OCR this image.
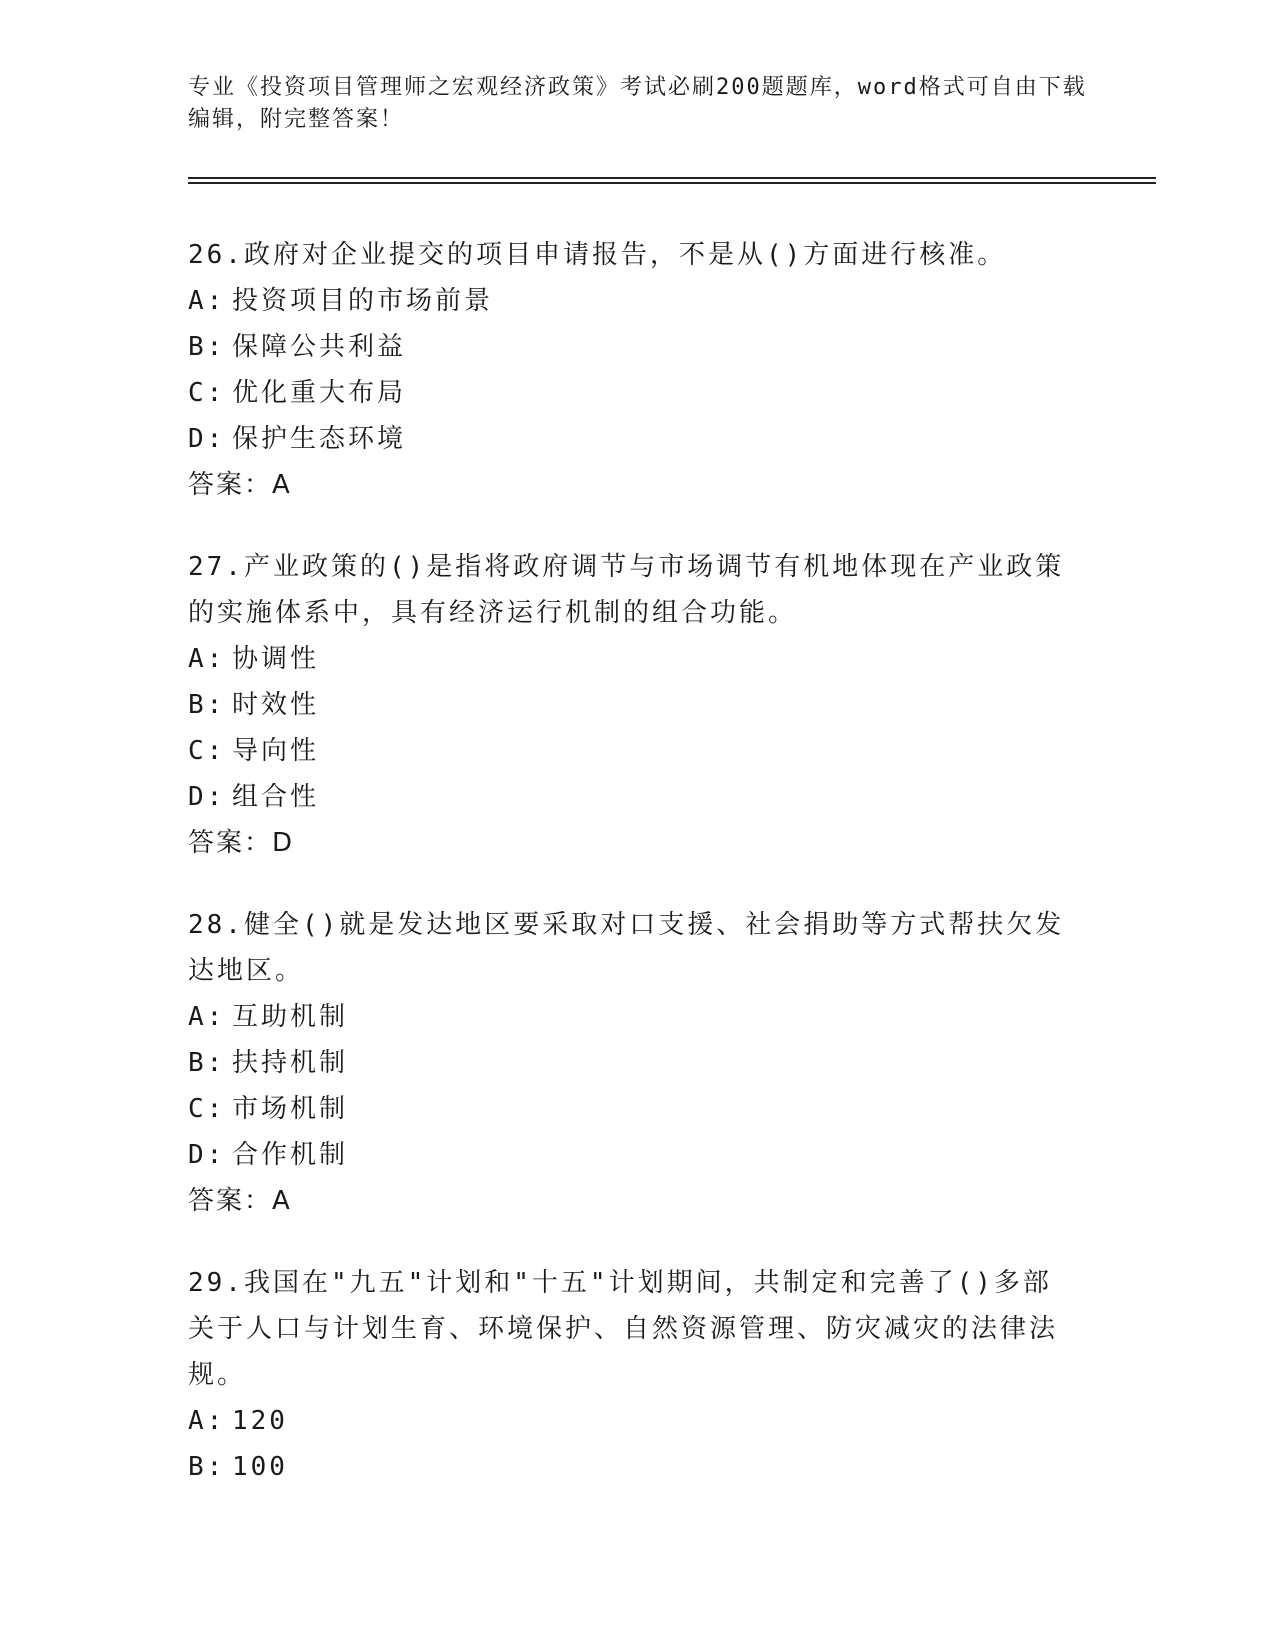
专业《投资项目管理师之宏观经济政策》考试必刷200题题库，word格式可自由下载编辑，附完整答案！

26.政府对企业提交的项目申请报告，不是从()方面进行核准。

A: 投资项目的市场前景

B: 保障公共利益

C: 优化重大布局

D: 保护生态环境

答案：A

27.产业政策的()是指将政府调节与市场调节有机地体现在产业政策的实施体系中，具有经济运行机制的组合功能。

A: 协调性

B: 时效性

C: 导向性

D: 组合性

答案：D

28.健全()就是发达地区要采取对口支援、社会捐助等方式帮扶欠发达地区。

A: 互助机制

B: 扶持机制

C: 市场机制

D: 合作机制

答案：A

29.我国在"九五"计划和"十五"计划期间，共制定和完善了()多部关于人口与计划生育、环境保护、自然资源管理、防灾减灾的法律法规。

A: 120

B: 100
